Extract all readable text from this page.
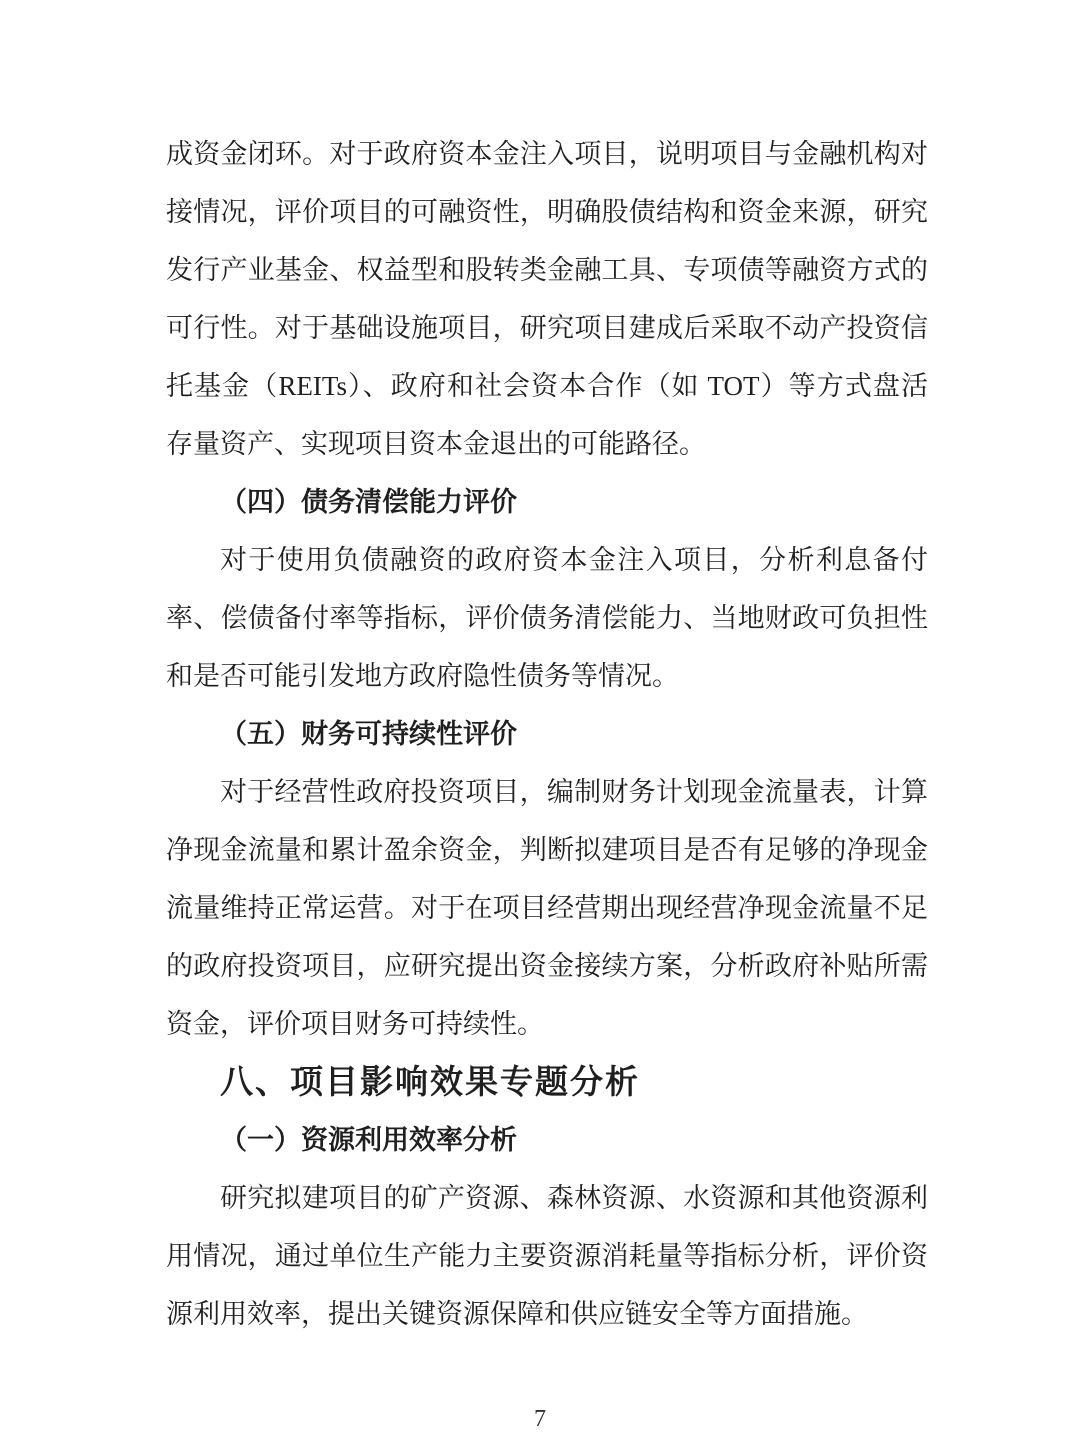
成资金闭环。对于政府资本金注入项目，说明项目与金融机构对
接情况，评价项目的可融资性，明确股债结构和资金来源，研究
发行产业基金、权益型和股转类金融工具、专项债等融资方式的
可行性。对于基础设施项目，研究项目建成后采取不动产投资信
托基金（REITs）、政府和社会资本合作（如 TOT）等方式盘活
存量资产、实现项目资本金退出的可能路径。
（四）债务清偿能力评价
对于使用负债融资的政府资本金注入项目，分析利息备付
率、偿债备付率等指标，评价债务清偿能力、当地财政可负担性
和是否可能引发地方政府隐性债务等情况。
（五）财务可持续性评价
对于经营性政府投资项目，编制财务计划现金流量表，计算
净现金流量和累计盈余资金，判断拟建项目是否有足够的净现金
流量维持正常运营。对于在项目经营期出现经营净现金流量不足
的政府投资项目，应研究提出资金接续方案，分析政府补贴所需
资金，评价项目财务可持续性。
八、项目影响效果专题分析
（一）资源利用效率分析
研究拟建项目的矿产资源、森林资源、水资源和其他资源利
用情况，通过单位生产能力主要资源消耗量等指标分析，评价资
源利用效率，提出关键资源保障和供应链安全等方面措施。
7
